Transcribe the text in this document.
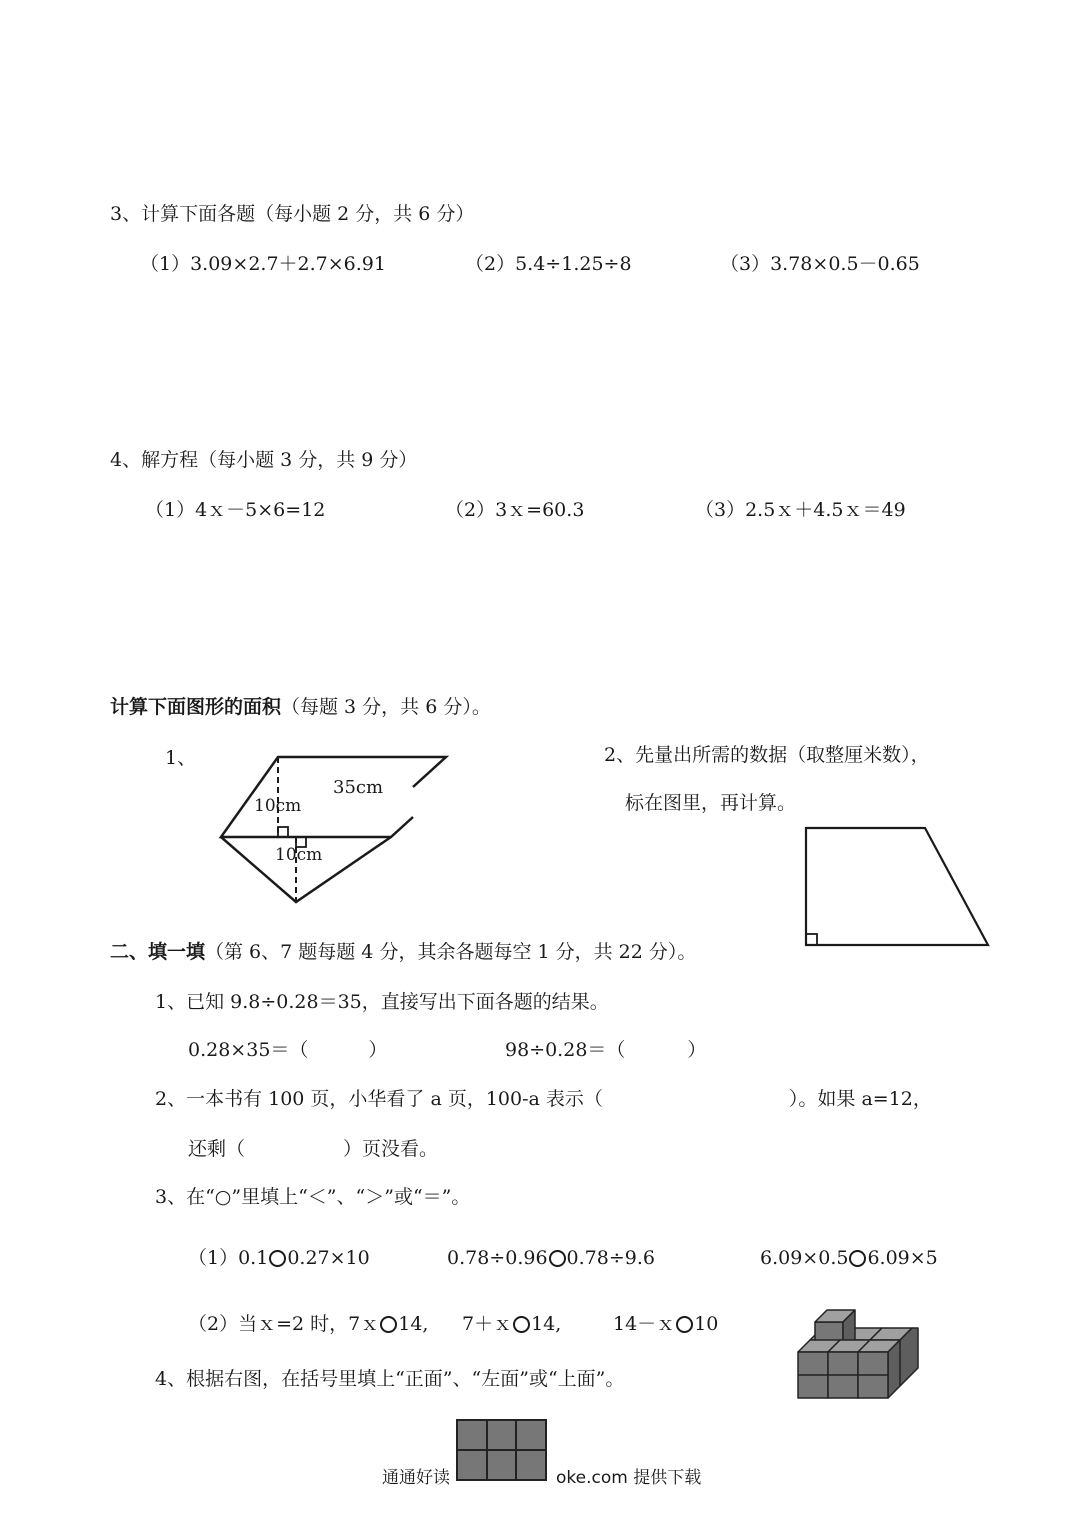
3、计算下面各题（每小题 2 分，共 6 分）
（1）3.09×2.7＋2.7×6.91	（2）5.4÷1.25÷8	（3）3.78×0.5－0.65
4、解方程（每小题 3 分，共 9 分）
（1）4ｘ－5×6=12	（2）3ｘ=60.3	（3）2.5ｘ＋4.5ｘ＝49
计算下面图形的面积（每题 3 分，共 6 分）。
1、
35cm
10cm
10cm
2、先量出所需的数据（取整厘米数），
标在图里，再计算。
二、填一填（第 6、7 题每题 4 分，其余各题每空 1 分，共 22 分）。
1、已知 9.8÷0.28＝35，直接写出下面各题的结果。
0.28×35＝（	）	98÷0.28＝（	）
2、一本书有 100 页，小华看了 a 页，100-a 表示（	）。如果 a=12，
还剩（	）页没看。
3、在“○”里填上“＜”、“＞”或“＝”。
（1）0.1 0.27×10	0.78÷0.96 0.78÷9.6	6.09×0.5 6.09×5
（2）当ｘ=2 时，7ｘ 14, 7＋ｘ 14,	14－ｘ 10
4、根据右图，在括号里填上“正面”、“左面”或“上面”。
通通好读	oke.com 提供下载
